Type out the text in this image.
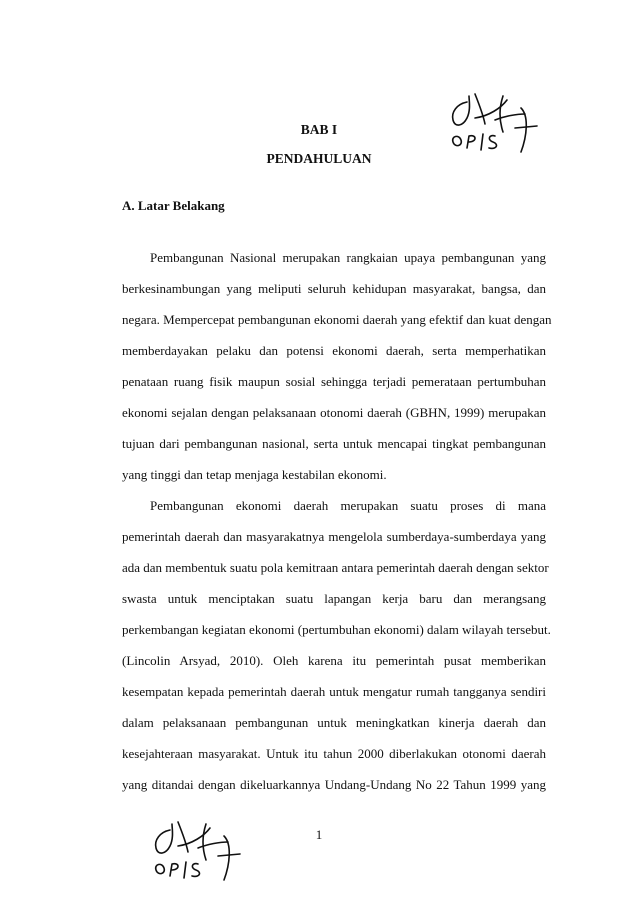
BAB I
PENDAHULUAN
A. Latar Belakang
Pembangunan Nasional merupakan rangkaian upaya pembangunan yang
berkesinambungan yang meliputi seluruh kehidupan masyarakat, bangsa, dan
negara. Mempercepat pembangunan ekonomi daerah yang efektif dan kuat dengan
memberdayakan pelaku dan potensi ekonomi daerah, serta memperhatikan
penataan ruang fisik maupun sosial sehingga terjadi pemerataan pertumbuhan
ekonomi sejalan dengan pelaksanaan otonomi daerah (GBHN, 1999) merupakan
tujuan dari pembangunan nasional, serta untuk mencapai tingkat pembangunan
yang tinggi dan tetap menjaga kestabilan ekonomi.
Pembangunan ekonomi daerah merupakan suatu proses di mana
pemerintah daerah dan masyarakatnya mengelola sumberdaya-sumberdaya yang
ada dan membentuk suatu pola kemitraan antara pemerintah daerah dengan sektor
swasta untuk menciptakan suatu lapangan kerja baru dan merangsang
perkembangan kegiatan ekonomi (pertumbuhan ekonomi) dalam wilayah tersebut.
(Lincolin Arsyad, 2010). Oleh karena itu pemerintah pusat memberikan
kesempatan kepada pemerintah daerah untuk mengatur rumah tangganya sendiri
dalam pelaksanaan pembangunan untuk meningkatkan kinerja daerah dan
kesejahteraan masyarakat. Untuk itu tahun 2000 diberlakukan otonomi daerah
yang ditandai dengan dikeluarkannya Undang-Undang No 22 Tahun 1999 yang
1
